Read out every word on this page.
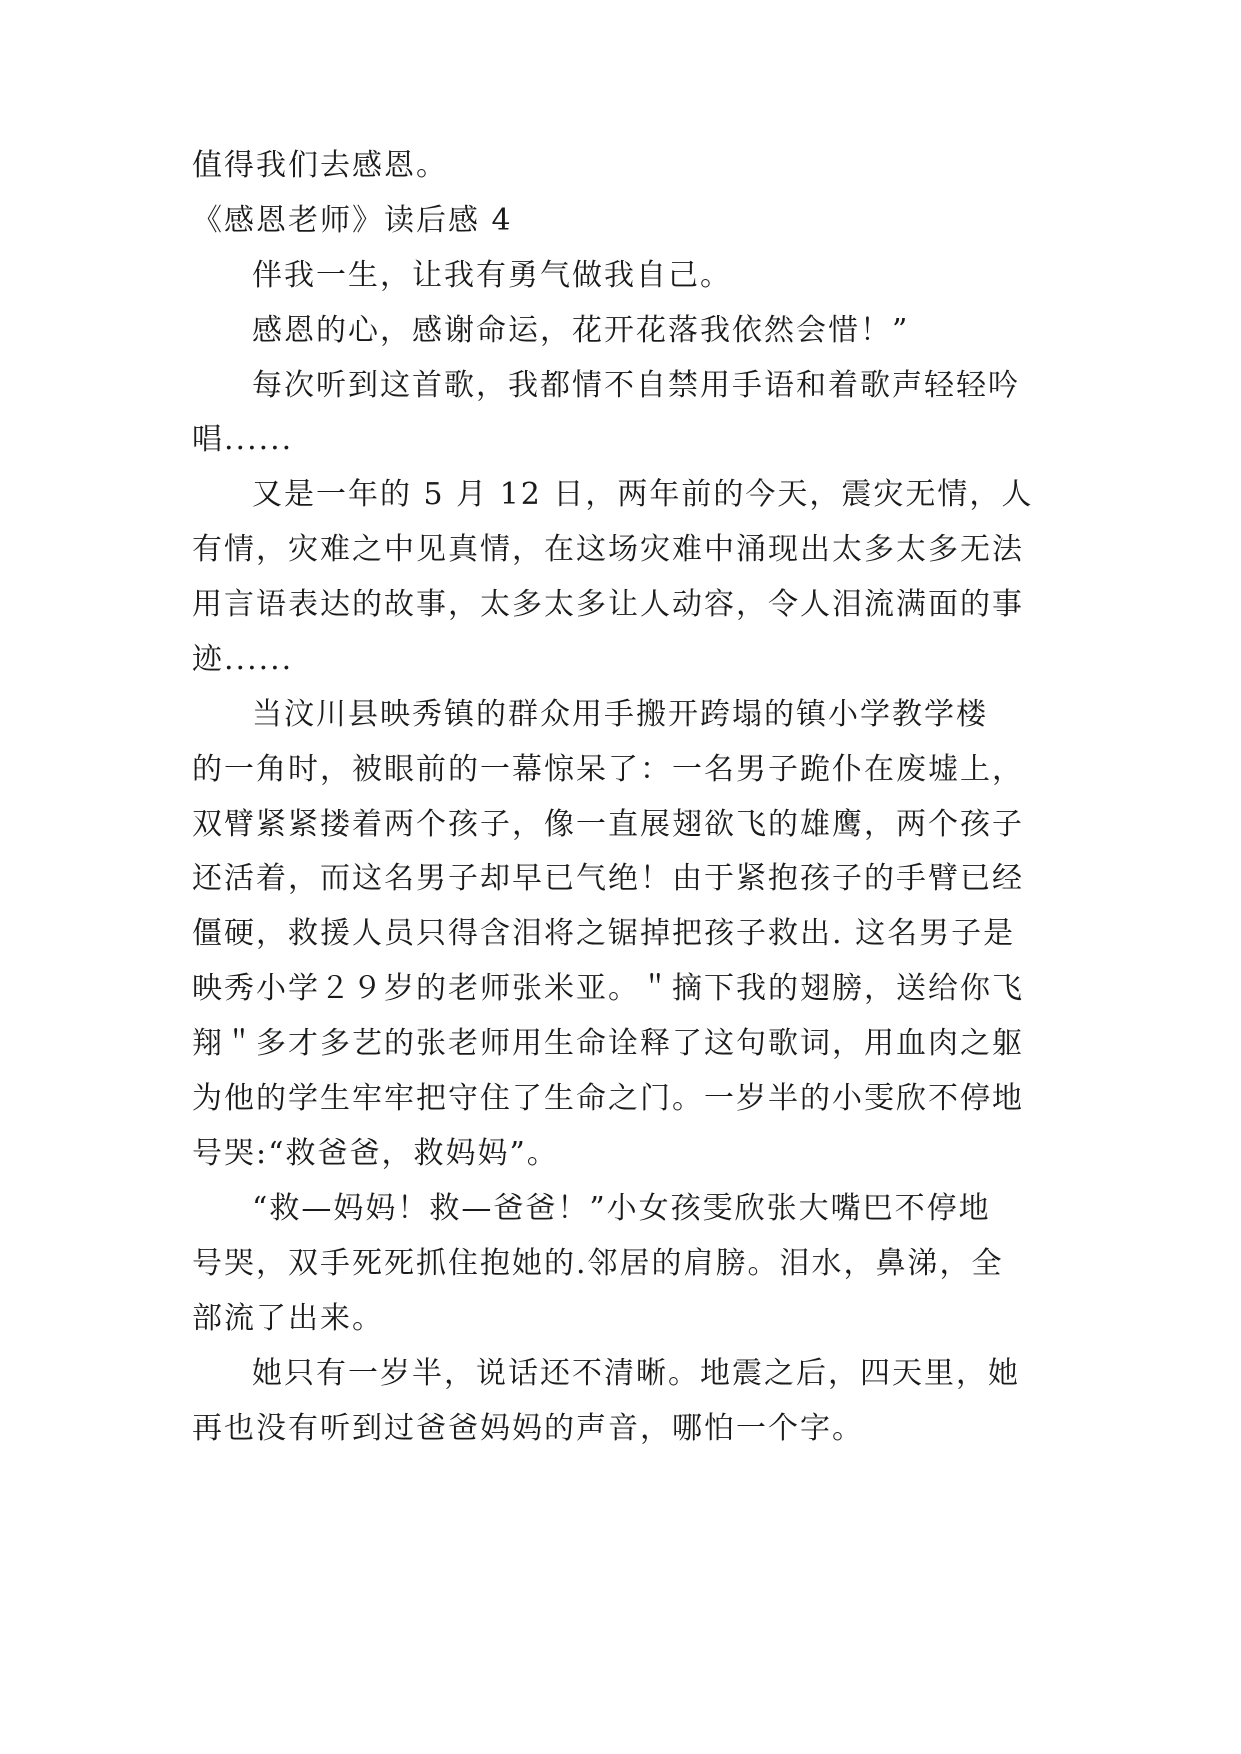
值得我们去感恩。
《感恩老师》读后感 4
伴我一生，让我有勇气做我自己。
感恩的心，感谢命运，花开花落我依然会惜！”
每次听到这首歌，我都情不自禁用手语和着歌声轻轻吟
唱......
又是一年的 5 月 12 日，两年前的今天，震灾无情，人
有情，灾难之中见真情，在这场灾难中涌现出太多太多无法
用言语表达的故事，太多太多让人动容，令人泪流满面的事
迹......
当汶川县映秀镇的群众用手搬开跨塌的镇小学教学楼
的一角时，被眼前的一幕惊呆了：一名男子跪仆在废墟上，
双臂紧紧搂着两个孩子，像一直展翅欲飞的雄鹰，两个孩子
还活着，而这名男子却早已气绝！由于紧抱孩子的手臂已经
僵硬，救援人员只得含泪将之锯掉把孩子救出. 这名男子是
映秀小学２９岁的老师张米亚。＂摘下我的翅膀，送给你飞
翔＂多才多艺的张老师用生命诠释了这句歌词，用血肉之躯
为他的学生牢牢把守住了生命之门。一岁半的小雯欣不停地
号哭:“救爸爸，救妈妈”。
“救—妈妈！救—爸爸！”小女孩雯欣张大嘴巴不停地
号哭，双手死死抓住抱她的.邻居的肩膀。泪水，鼻涕，全
部流了出来。
她只有一岁半，说话还不清晰。地震之后，四天里，她
再也没有听到过爸爸妈妈的声音，哪怕一个字。
